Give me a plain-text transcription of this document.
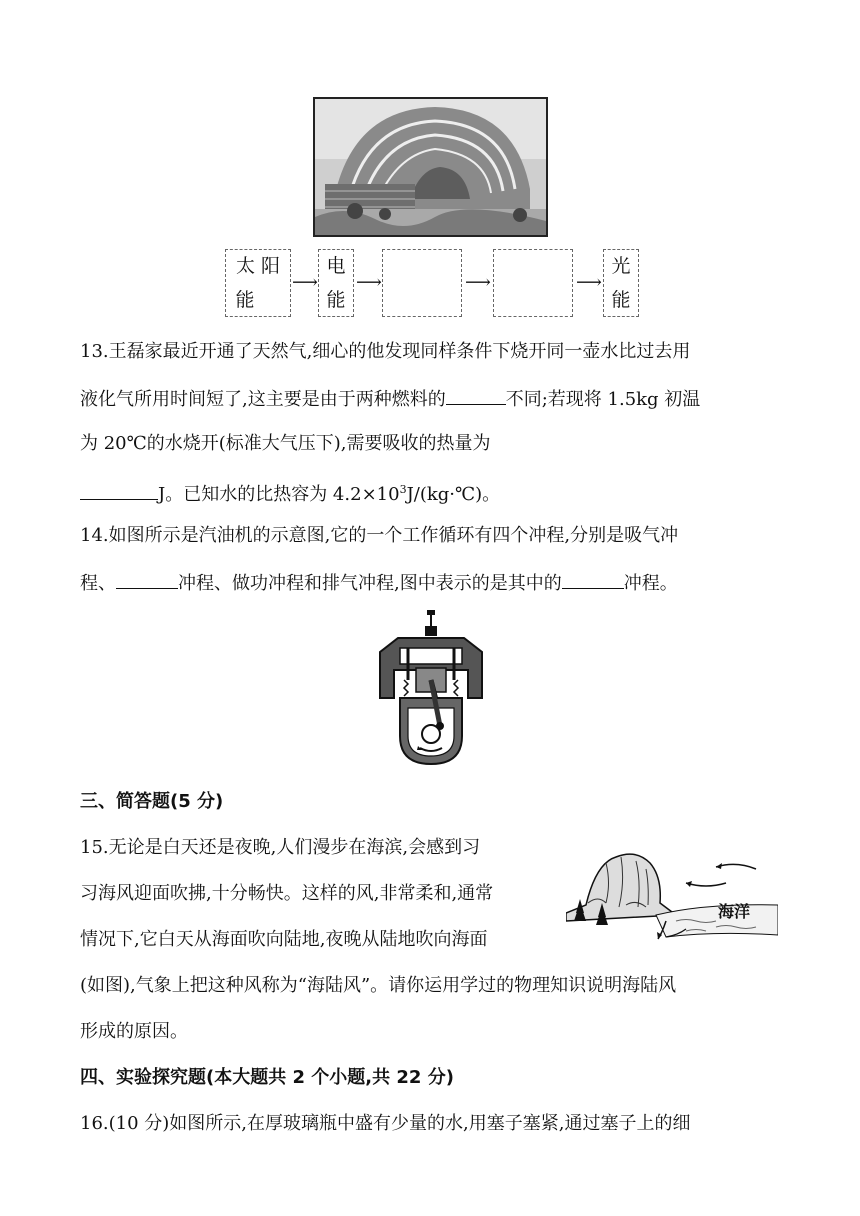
太 阳
能
⟶
电
能
⟶	⟶	⟶
光
能
13.王磊家最近开通了天然气,细心的他发现同样条件下烧开同一壶水比过去用
液化气所用时间短了,这主要是由于两种燃料的	不同;若现将 1.5kg 初温
为 20℃的水烧开(标准大气压下),需要吸收的热量为
J。已知水的比热容为 $4.2\times 10^3J/(kg\cdot℃)$。
14.如图所示是汽油机的示意图,它的一个工作循环有四个冲程,分别是吸气冲
程、	冲程、做功冲程和排气冲程,图中表示的是其中的	冲程。
三、简答题(5 分)
15.无论是白天还是夜晚,人们漫步在海滨,会感到习
习海风迎面吹拂,十分畅快。这样的风,非常柔和,通常
情况下,它白天从海面吹向陆地,夜晚从陆地吹向海面
(如图),气象上把这种风称为“海陆风”。请你运用学过的物理知识说明海陆风
形成的原因。
海洋
四、实验探究题(本大题共 2 个小题,共 22 分)
16.(10 分)如图所示,在厚玻璃瓶中盛有少量的水,用塞子塞紧,通过塞子上的细
